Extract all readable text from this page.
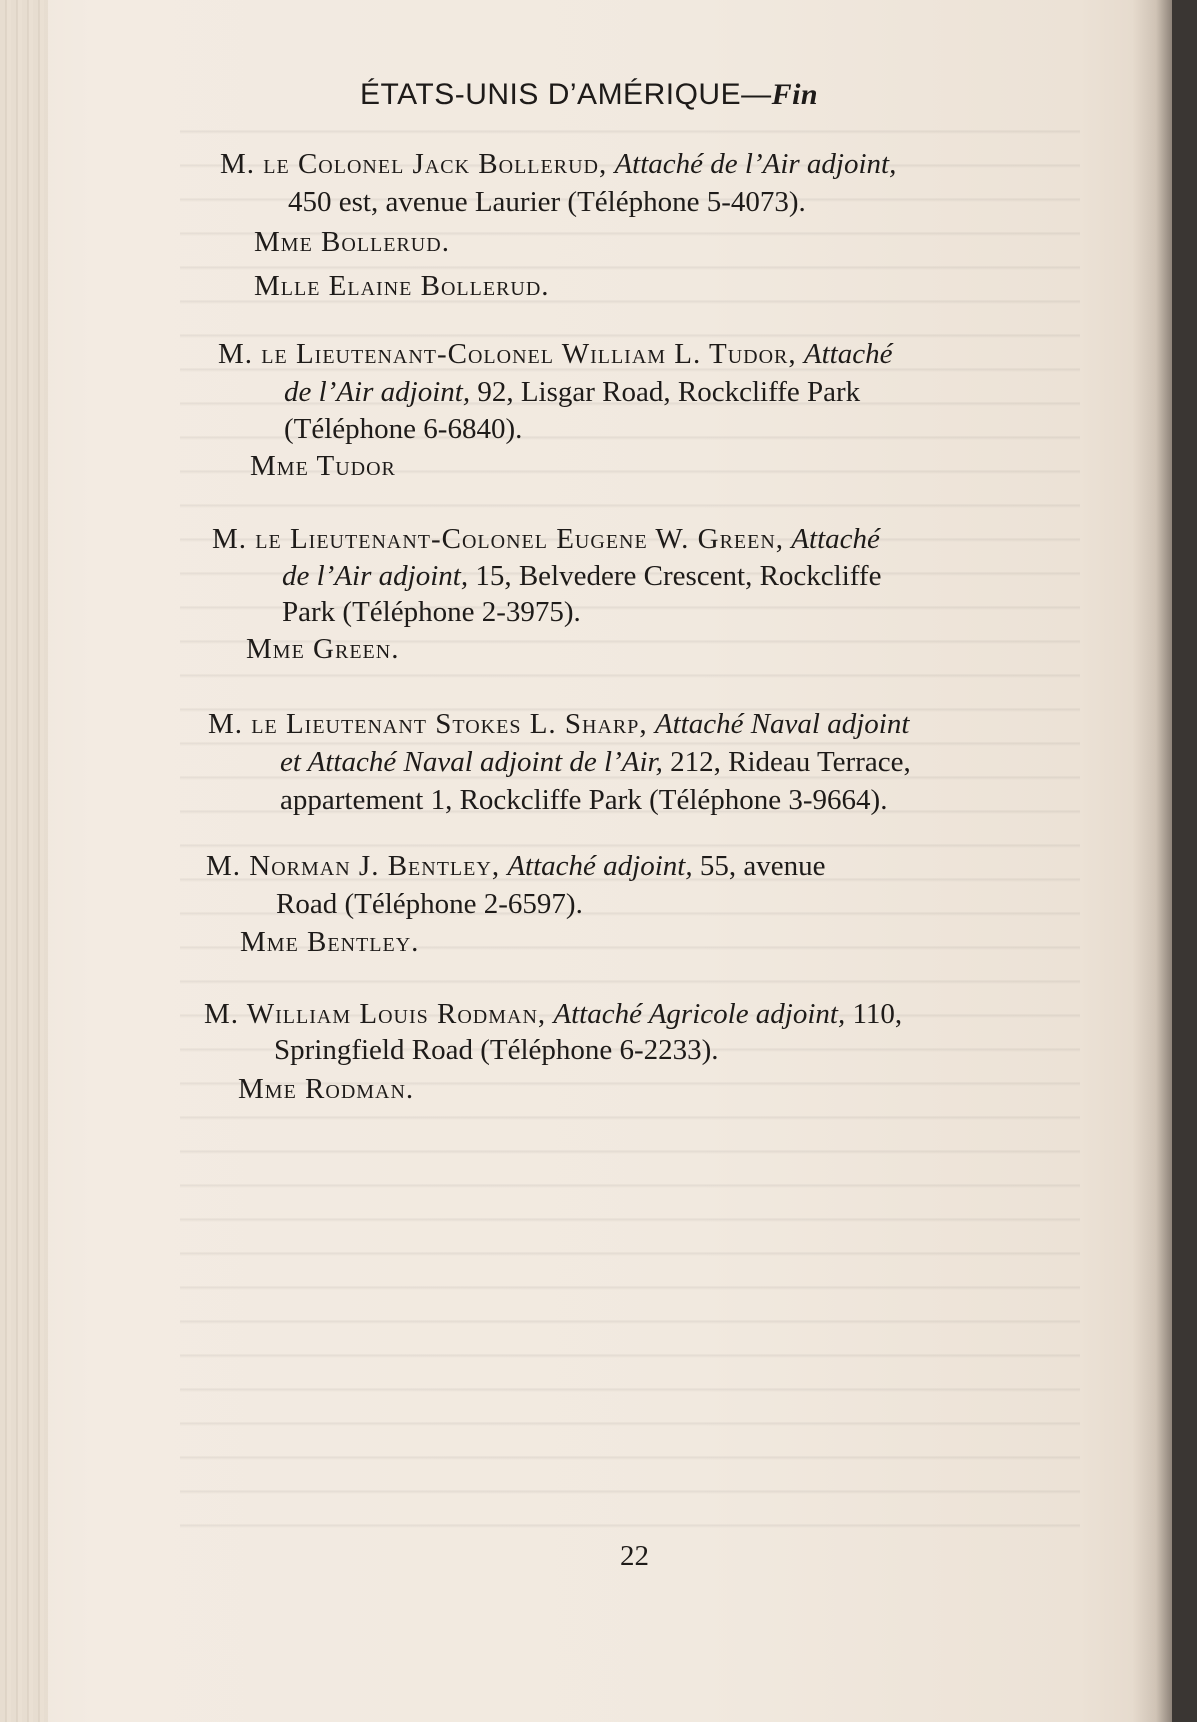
ÉTATS-UNIS D’AMÉRIQUE—Fin
M. le Colonel Jack Bollerud, Attaché de l’Air adjoint,
450 est, avenue Laurier (Téléphone 5-4073).
Mme Bollerud.
Mlle Elaine Bollerud.
M. le Lieutenant-Colonel William L. Tudor, Attaché
de l’Air adjoint, 92, Lisgar Road, Rockcliffe Park
(Téléphone 6-6840).
Mme Tudor
M. le Lieutenant-Colonel Eugene W. Green, Attaché
de l’Air adjoint, 15, Belvedere Crescent, Rockcliffe
Park (Téléphone 2-3975).
Mme Green.
M. le Lieutenant Stokes L. Sharp, Attaché Naval adjoint
et Attaché Naval adjoint de l’Air, 212, Rideau Terrace,
appartement 1, Rockcliffe Park (Téléphone 3-9664).
M. Norman J. Bentley, Attaché adjoint, 55, avenue
Road (Téléphone 2-6597).
Mme Bentley.
M. William Louis Rodman, Attaché Agricole adjoint, 110,
Springfield Road (Téléphone 6-2233).
Mme Rodman.
22
